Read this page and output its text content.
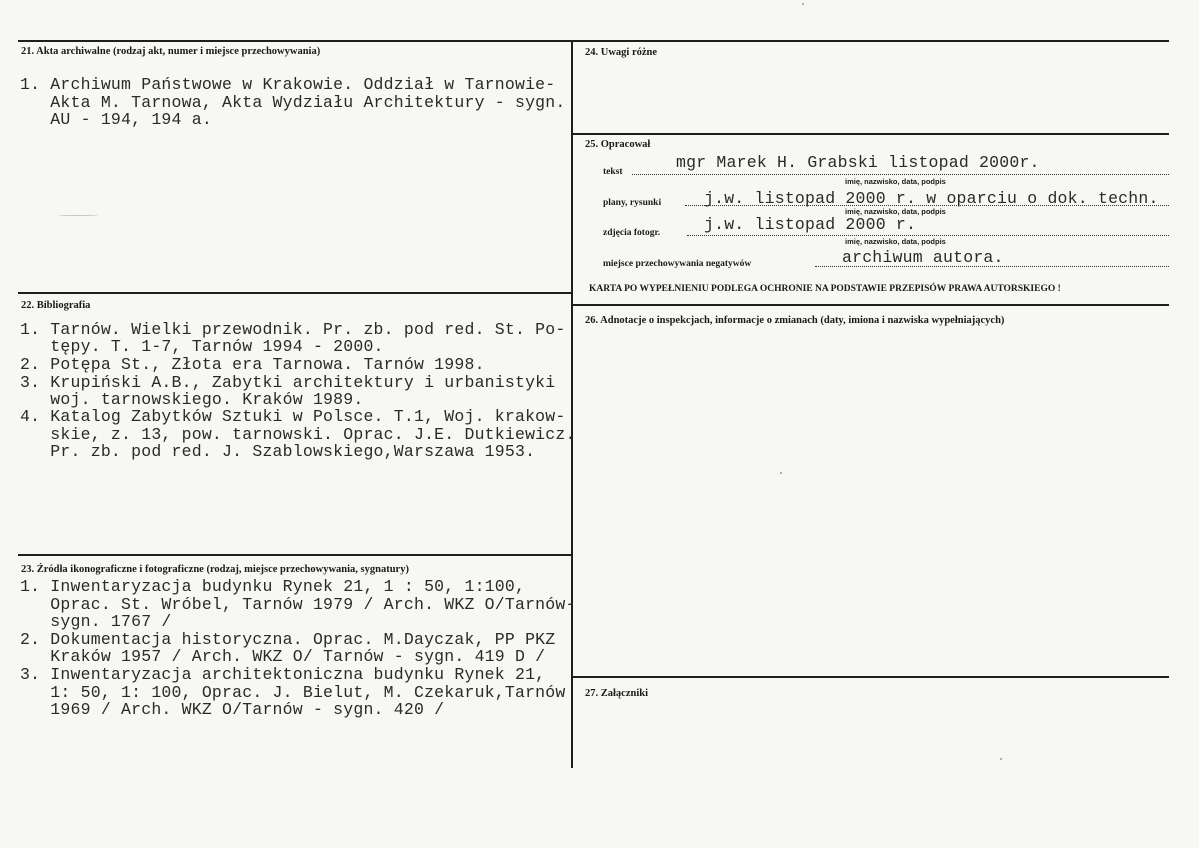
21. Akta archiwalne (rodzaj akt, numer i miejsce przechowywania)
1. Archiwum Państwowe w Krakowie. Oddział w Tarnowie-
Akta M. Tarnowa, Akta Wydziału Architektury - sygn.
AU - 194, 194 a.
22. Bibliografia
1. Tarnów. Wielki przewodnik. Pr. zb. pod red. St. Po-
tępy. T. 1-7, Tarnów 1994 - 2000.
2. Potępa St., Złota era Tarnowa. Tarnów 1998.
3. Krupiński A.B., Zabytki architektury i urbanistyki
woj. tarnowskiego. Kraków 1989.
4. Katalog Zabytków Sztuki w Polsce. T.1, Woj. krakow-
skie, z. 13, pow. tarnowski. Oprac. J.E. Dutkiewicz.
Pr. zb. pod red. J. Szablowskiego,Warszawa 1953.
23. Źródła ikonograficzne i fotograficzne (rodzaj, miejsce przechowywania, sygnatury)
1. Inwentaryzacja budynku Rynek 21, 1 : 50, 1:100,
Oprac. St. Wróbel, Tarnów 1979 / Arch. WKZ O/Tarnów-
sygn. 1767 /
2. Dokumentacja historyczna. Oprac. M.Dayczak, PP PKZ
Kraków 1957 / Arch. WKZ O/ Tarnów - sygn. 419 D /
3. Inwentaryzacja architektoniczna budynku Rynek 21,
1: 50, 1: 100, Oprac. J. Bielut, M. Czekaruk,Tarnów
1969 / Arch. WKZ O/Tarnów - sygn. 420 /
24. Uwagi różne
25. Opracował
tekst	mgr Marek H. Grabski listopad 2000r.
imię, nazwisko, data, podpis
plany, rysunki	j.w. listopad 2000 r. w oparciu o dok. techn.
imię, nazwisko, data, podpis
zdjęcia fotogr.	j.w. listopad 2000 r.
imię, nazwisko, data, podpis
miejsce przechowywania negatywów	archiwum autora.
KARTA PO WYPEŁNIENIU PODLEGA OCHRONIE NA PODSTAWIE PRZEPISÓW PRAWA AUTORSKIEGO !
26. Adnotacje o inspekcjach, informacje o zmianach (daty, imiona i nazwiska wypełniających)
27. Załączniki
